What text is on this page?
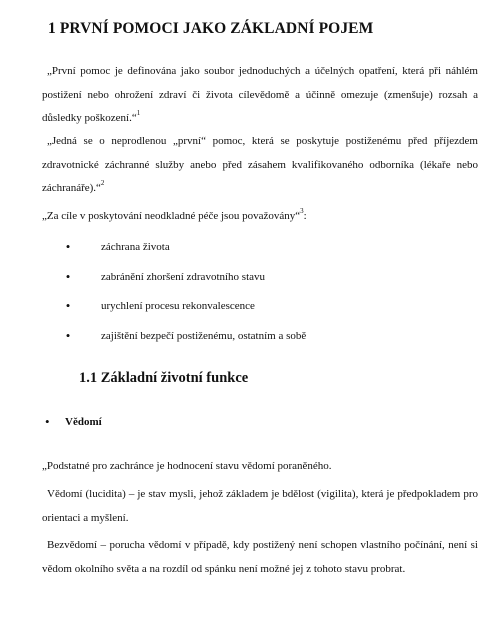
1 PRVNÍ POMOCI JAKO ZÁKLADNÍ POJEM

„První pomoc je definována jako soubor jednoduchých a účelných opatření, která při náhlém postižení nebo ohrožení zdraví či života cílevědomě a účinně omezuje (zmenšuje) rozsah a důsledky poškození.“$^1$

„Jedná se o neprodlenou „první“ pomoc, která se poskytuje postiženému před příjezdem zdravotnické záchranné služby anebo před zásahem kvalifikovaného odborníka (lékaře nebo záchranáře).“$^2$

„Za cíle v poskytování neodkladné péče jsou považovány“$^3$:

•	záchrana života
•	zabránění zhoršení zdravotního stavu
•	urychlení procesu rekonvalescence
•	zajištění bezpečí postiženému, ostatním a sobě
1.1 Základní životní funkce
• Vědomí

„Podstatné pro zachránce je hodnocení stavu vědomí poraněného.

Vědomí (lucidita) – je stav mysli, jehož základem je bdělost (vigilita), která je předpokladem pro orientaci a myšlení.

Bezvědomí – porucha vědomí v případě, kdy postižený není schopen vlastního počínání, není si vědom okolního světa a na rozdíl od spánku není možné jej z tohoto stavu probrat.
